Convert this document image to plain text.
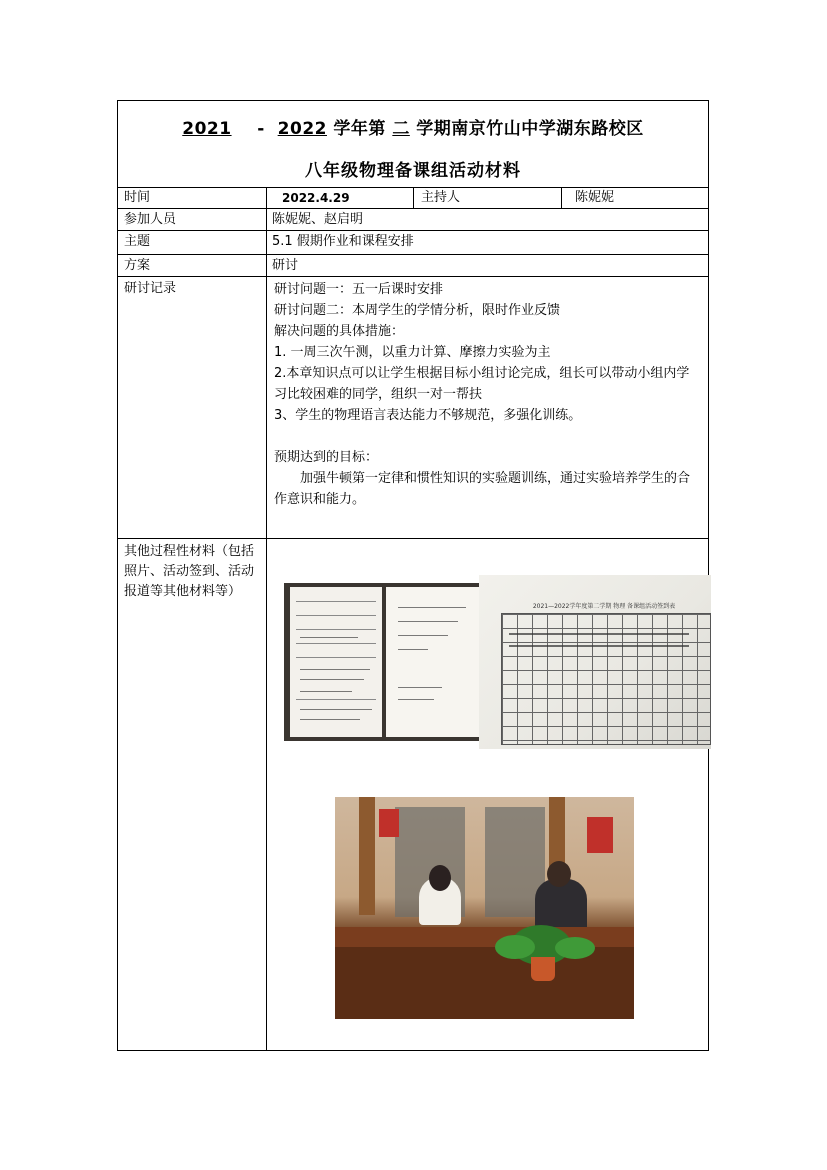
2021 - 2022 学年第 二 学期南京竹山中学湖东路校区
八年级物理备课组活动材料
时间	2022.4.29	主持人	陈妮妮
参加人员	陈妮妮、赵启明
主题	5.1 假期作业和课程安排
方案	研讨
研讨记录	研讨问题一：五一后课时安排

研讨问题二：本周学生的学情分析，限时作业反馈

解决问题的具体措施：

1. 一周三次午测，以重力计算、摩擦力实验为主

2.本章知识点可以让学生根据目标小组讨论完成，组长可以带动小组内学习比较困难的同学，组织一对一帮扶

3、学生的物理语言表达能力不够规范，多强化训练。

预期达到的目标：

加强牛顿第一定律和惯性知识的实验题训练，通过实验培养学生的合作意识和能力。

其他过程性材料（包括照片、活动签到、活动报道等其他材料等）
2021—2022学年度第二学期 物理 备课组活动签到表
